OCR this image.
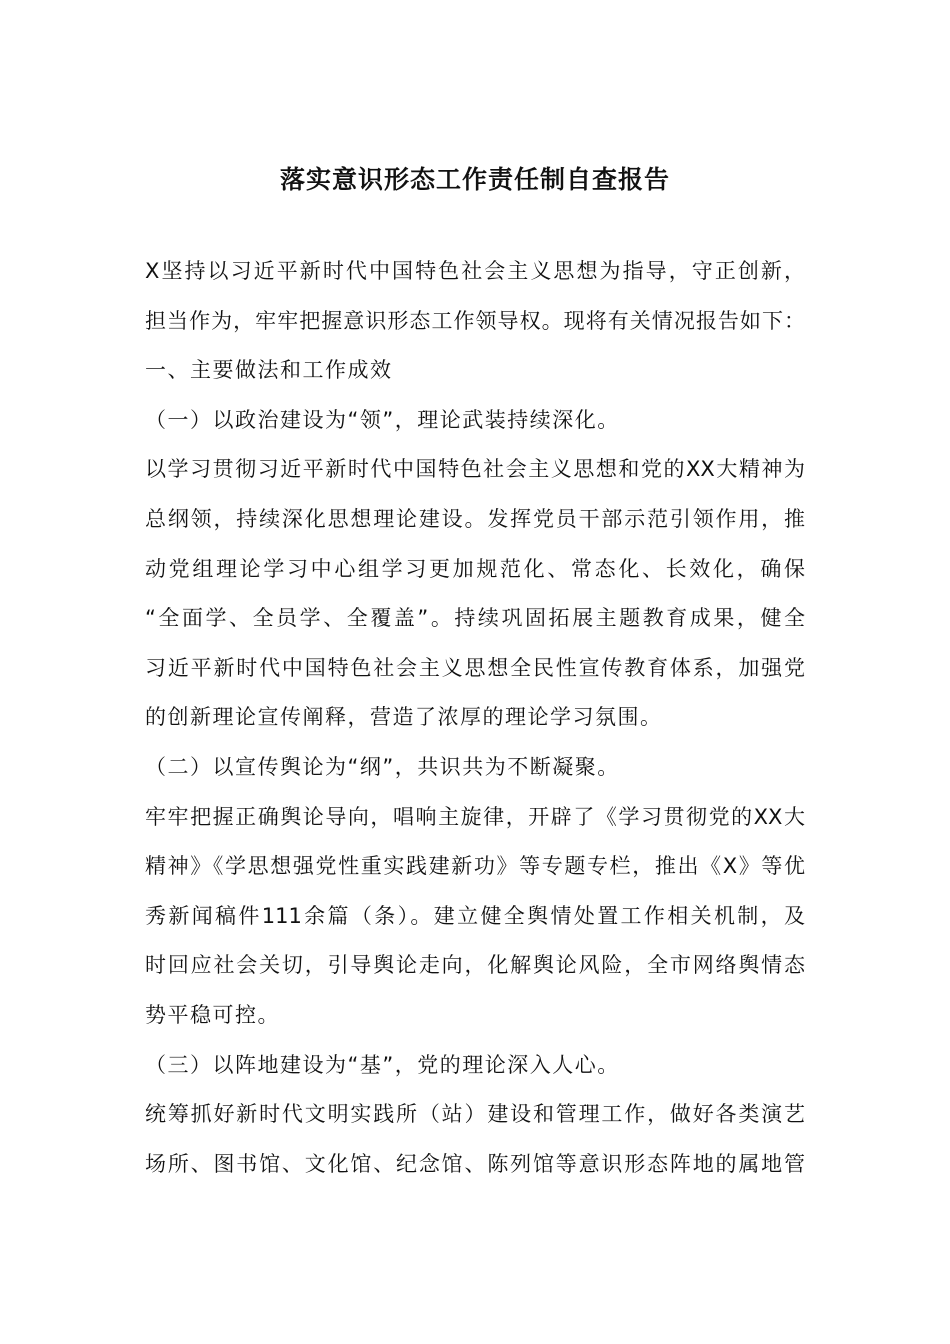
落实意识形态工作责任制自查报告
X坚持以习近平新时代中国特色社会主义思想为指导，守正创新，
担当作为，牢牢把握意识形态工作领导权。现将有关情况报告如下：
一、主要做法和工作成效
（一）以政治建设为“领”，理论武装持续深化。
以学习贯彻习近平新时代中国特色社会主义思想和党的XX大精神为
总纲领，持续深化思想理论建设。发挥党员干部示范引领作用，推
动党组理论学习中心组学习更加规范化、常态化、长效化，确保
“全面学、全员学、全覆盖”。持续巩固拓展主题教育成果，健全
习近平新时代中国特色社会主义思想全民性宣传教育体系，加强党
的创新理论宣传阐释，营造了浓厚的理论学习氛围。
（二）以宣传舆论为“纲”，共识共为不断凝聚。
牢牢把握正确舆论导向，唱响主旋律，开辟了《学习贯彻党的XX大
精神》《学思想强党性重实践建新功》等专题专栏，推出《X》等优
秀新闻稿件111余篇（条）。建立健全舆情处置工作相关机制，及
时回应社会关切，引导舆论走向，化解舆论风险，全市网络舆情态
势平稳可控。
（三）以阵地建设为“基”，党的理论深入人心。
统筹抓好新时代文明实践所（站）建设和管理工作，做好各类演艺
场所、图书馆、文化馆、纪念馆、陈列馆等意识形态阵地的属地管
